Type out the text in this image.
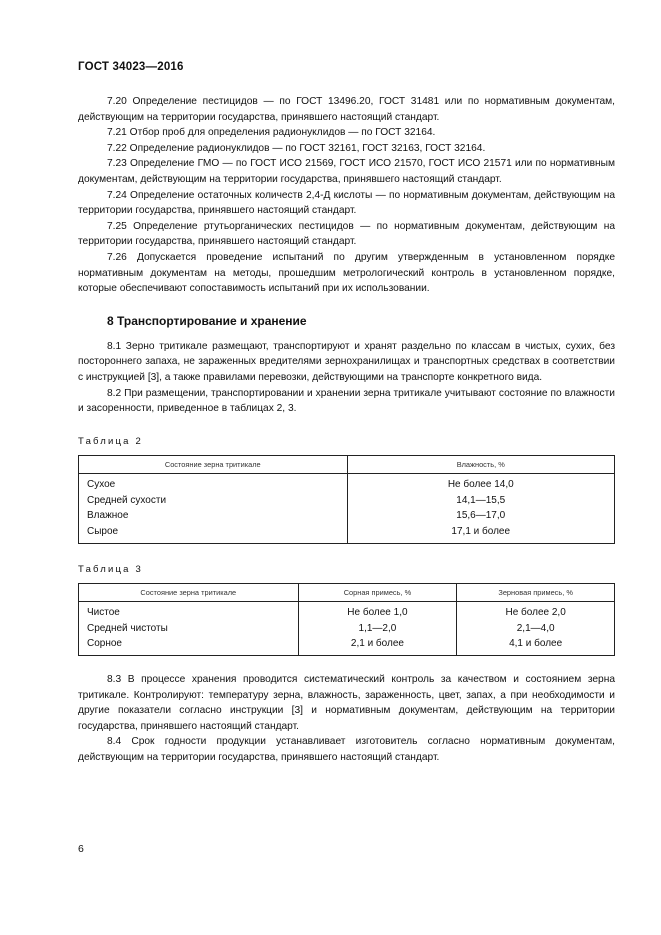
ГОСТ 34023—2016

7.20 Определение пестицидов — по ГОСТ 13496.20, ГОСТ 31481 или по нормативным документам, действующим на территории государства, принявшего настоящий стандарт.

7.21 Отбор проб для определения радионуклидов — по ГОСТ 32164.

7.22 Определение радионуклидов — по ГОСТ 32161, ГОСТ 32163, ГОСТ 32164.

7.23 Определение ГМО — по ГОСТ ИСО 21569, ГОСТ ИСО 21570, ГОСТ ИСО 21571 или по нормативным документам, действующим на территории государства, принявшего настоящий стандарт.

7.24 Определение остаточных количеств 2,4-Д кислоты — по нормативным документам, действующим на территории государства, принявшего настоящий стандарт.

7.25 Определение ртутьорганических пестицидов — по нормативным документам, действующим на территории государства, принявшего настоящий стандарт.

7.26 Допускается проведение испытаний по другим утвержденным в установленном порядке нормативным документам на методы, прошедшим метрологический контроль в установленном порядке, которые обеспечивают сопоставимость испытаний при их использовании.

8 Транспортирование и хранение

8.1 Зерно тритикале размещают, транспортируют и хранят раздельно по классам в чистых, сухих, без постороннего запаха, не зараженных вредителями зернохранилищах и транспортных средствах в соответствии с инструкцией [3], а также правилами перевозки, действующими на транспорте конкретного вида.

8.2 При размещении, транспортировании и хранении зерна тритикале учитывают состояние по влажности и засоренности, приведенное в таблицах 2, 3.

Таблица 2
Состояние зерна тритикале	Влажность, %
Сухое	Не более 14,0
Средней сухости	14,1—15,5
Влажное	15,6—17,0
Сырое	17,1 и более
Таблица 3
Состояние зерна тритикале	Сорная примесь, %	Зерновая примесь, %
Чистое	Не более 1,0	Не более 2,0
Средней чистоты	1,1—2,0	2,1—4,0
Сорное	2,1 и более	4,1 и более

8.3 В процессе хранения проводится систематический контроль за качеством и состоянием зерна тритикале. Контролируют: температуру зерна, влажность, зараженность, цвет, запах, а при необходимости и другие показатели согласно инструкции [3] и нормативным документам, действующим на территории государства, принявшего настоящий стандарт.

8.4 Срок годности продукции устанавливает изготовитель согласно нормативным документам, действующим на территории государства, принявшего настоящий стандарт.

6
